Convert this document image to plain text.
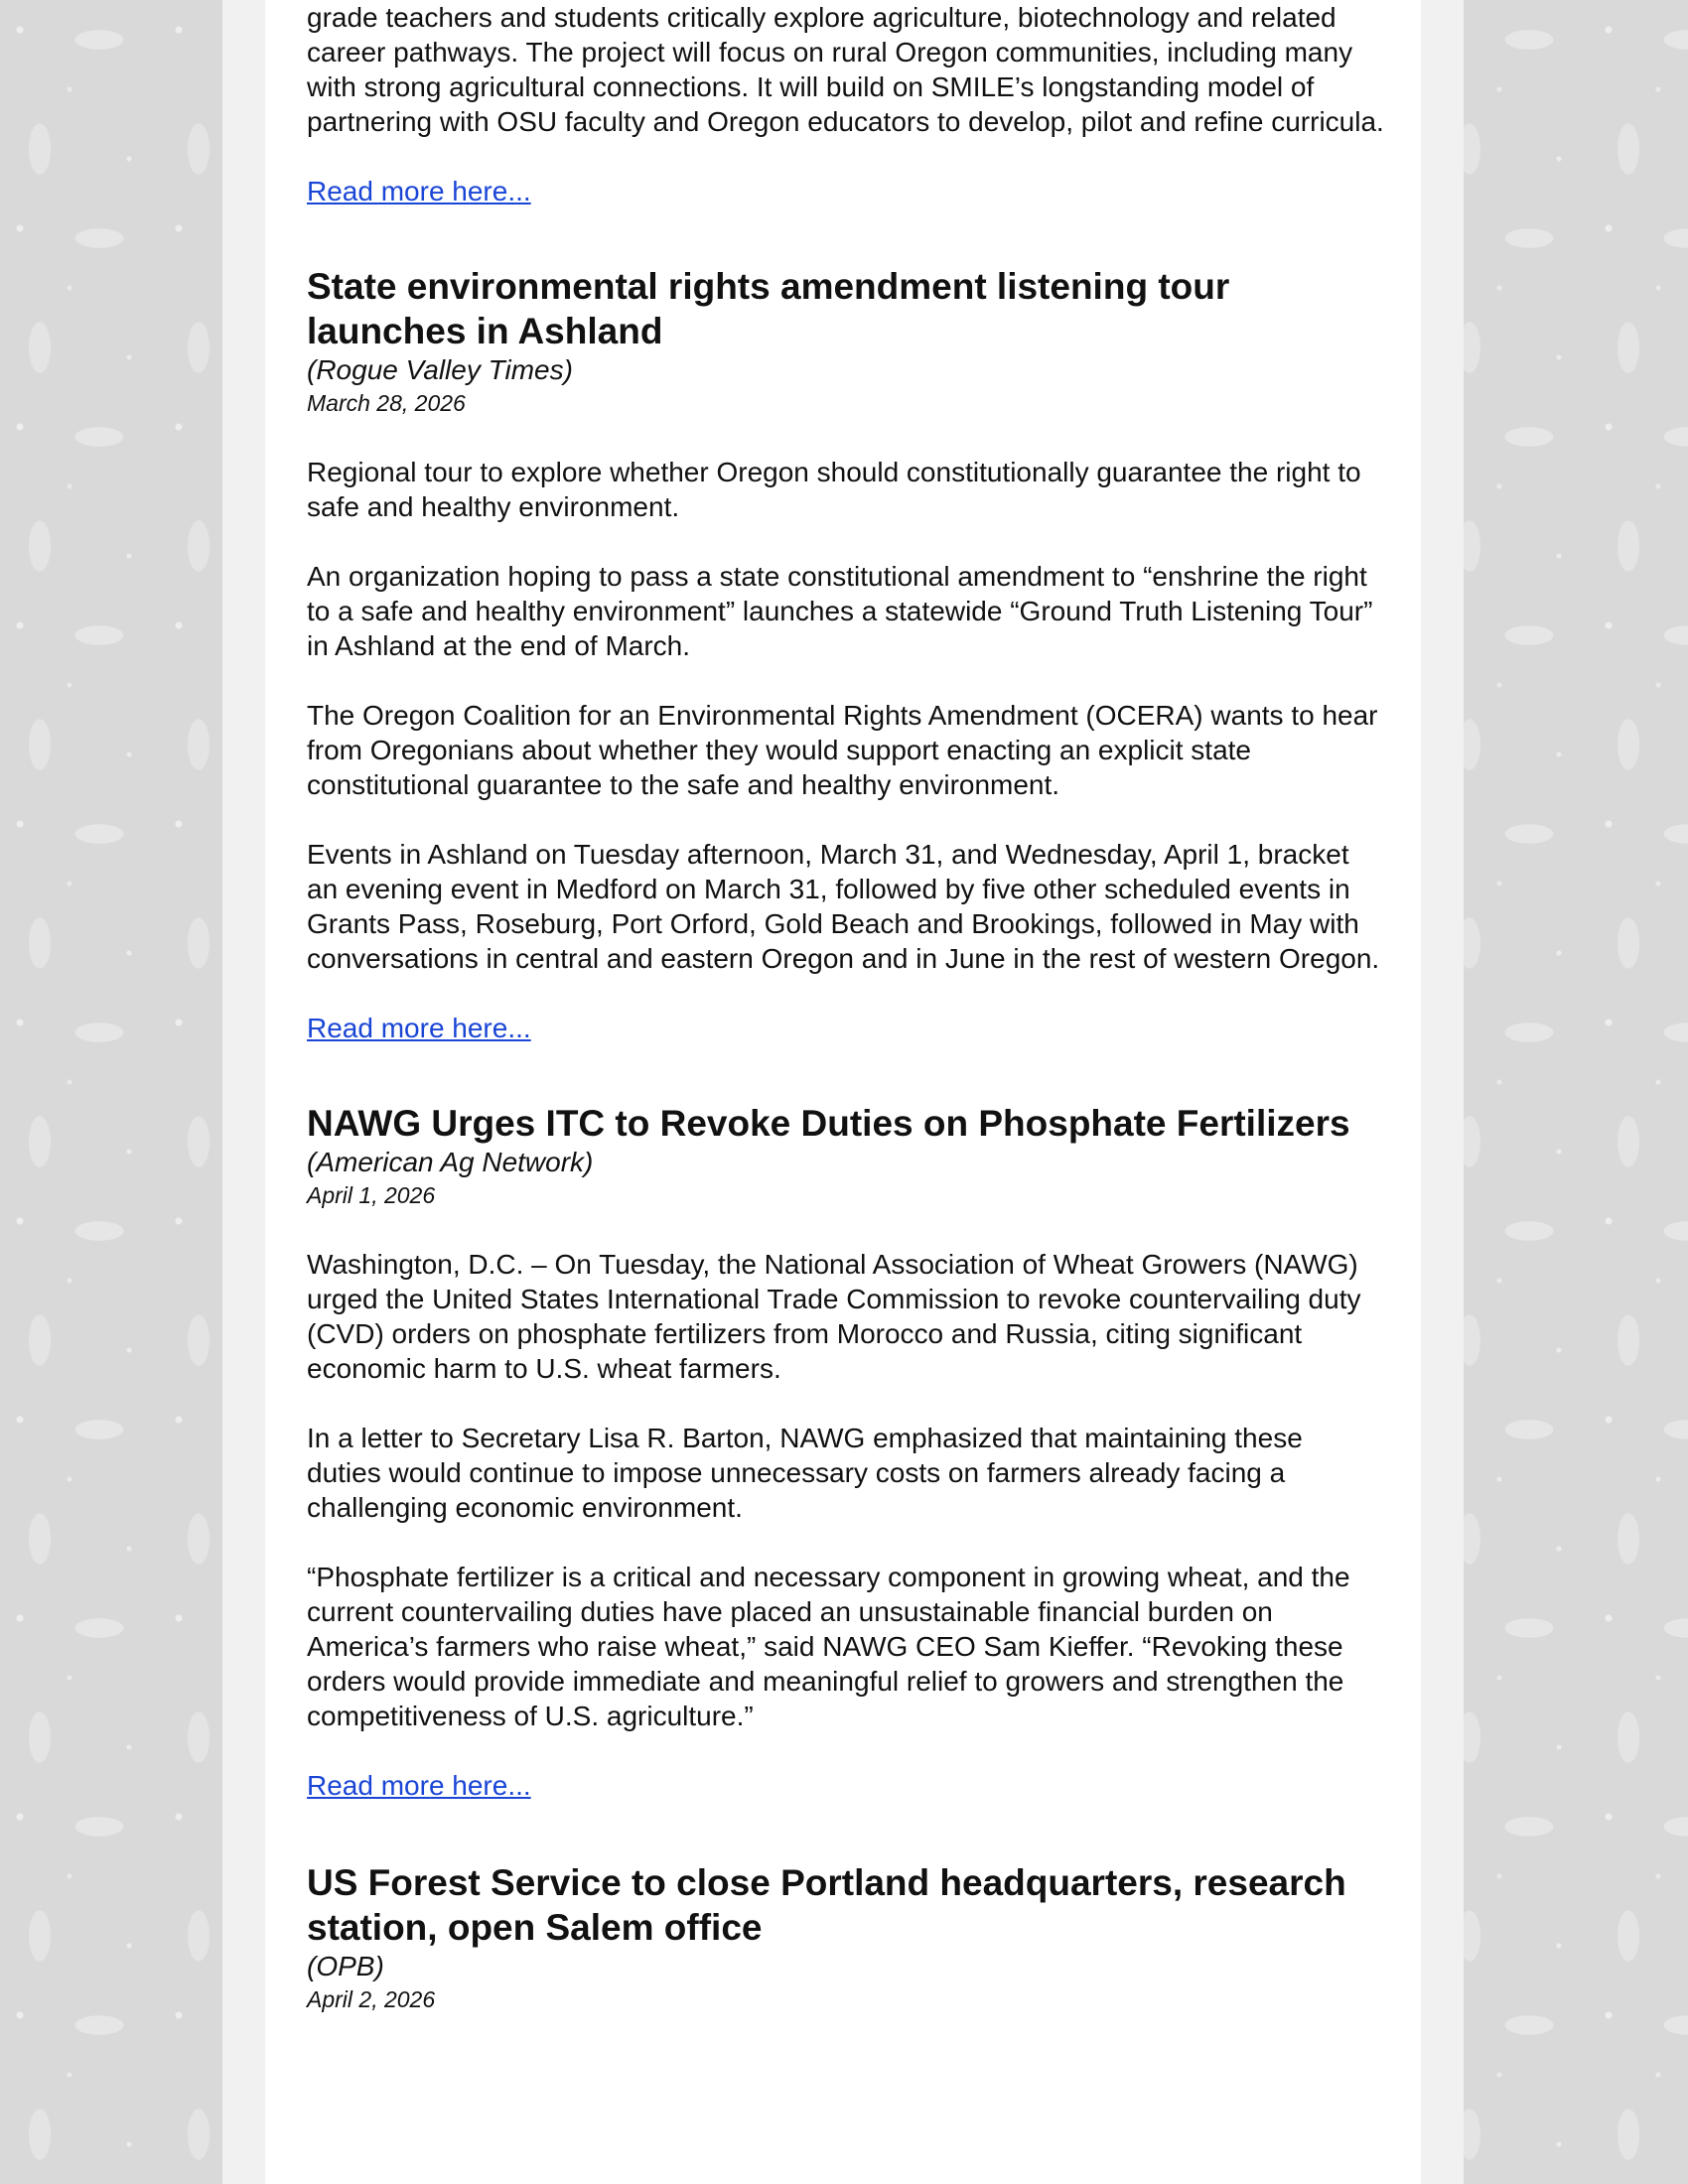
grade teachers and students critically explore agriculture, biotechnology and related career pathways. The project will focus on rural Oregon communities, including many with strong agricultural connections. It will build on SMILE’s longstanding model of partnering with OSU faculty and Oregon educators to develop, pilot and refine curricula.

Read more here...
State environmental rights amendment listening tour launches in Ashland

(Rogue Valley Times)

March 28, 2026

Regional tour to explore whether Oregon should constitutionally guarantee the right to safe and healthy environment.

An organization hoping to pass a state constitutional amendment to “enshrine the right to a safe and healthy environment” launches a statewide “Ground Truth Listening Tour” in Ashland at the end of March.

The Oregon Coalition for an Environmental Rights Amendment (OCERA) wants to hear from Oregonians about whether they would support enacting an explicit state constitutional guarantee to the safe and healthy environment.

Events in Ashland on Tuesday afternoon, March 31, and Wednesday, April 1, bracket an evening event in Medford on March 31, followed by five other scheduled events in Grants Pass, Roseburg, Port Orford, Gold Beach and Brookings, followed in May with conversations in central and eastern Oregon and in June in the rest of western Oregon.

Read more here...
NAWG Urges ITC to Revoke Duties on Phosphate Fertilizers

(American Ag Network)

April 1, 2026

Washington, D.C. – On Tuesday, the National Association of Wheat Growers (NAWG) urged the United States International Trade Commission to revoke countervailing duty (CVD) orders on phosphate fertilizers from Morocco and Russia, citing significant economic harm to U.S. wheat farmers.

In a letter to Secretary Lisa R. Barton, NAWG emphasized that maintaining these duties would continue to impose unnecessary costs on farmers already facing a challenging economic environment.

“Phosphate fertilizer is a critical and necessary component in growing wheat, and the current countervailing duties have placed an unsustainable financial burden on America’s farmers who raise wheat,” said NAWG CEO Sam Kieffer. “Revoking these orders would provide immediate and meaningful relief to growers and strengthen the competitiveness of U.S. agriculture.”

Read more here...
US Forest Service to close Portland headquarters, research station, open Salem office

(OPB)

April 2, 2026
